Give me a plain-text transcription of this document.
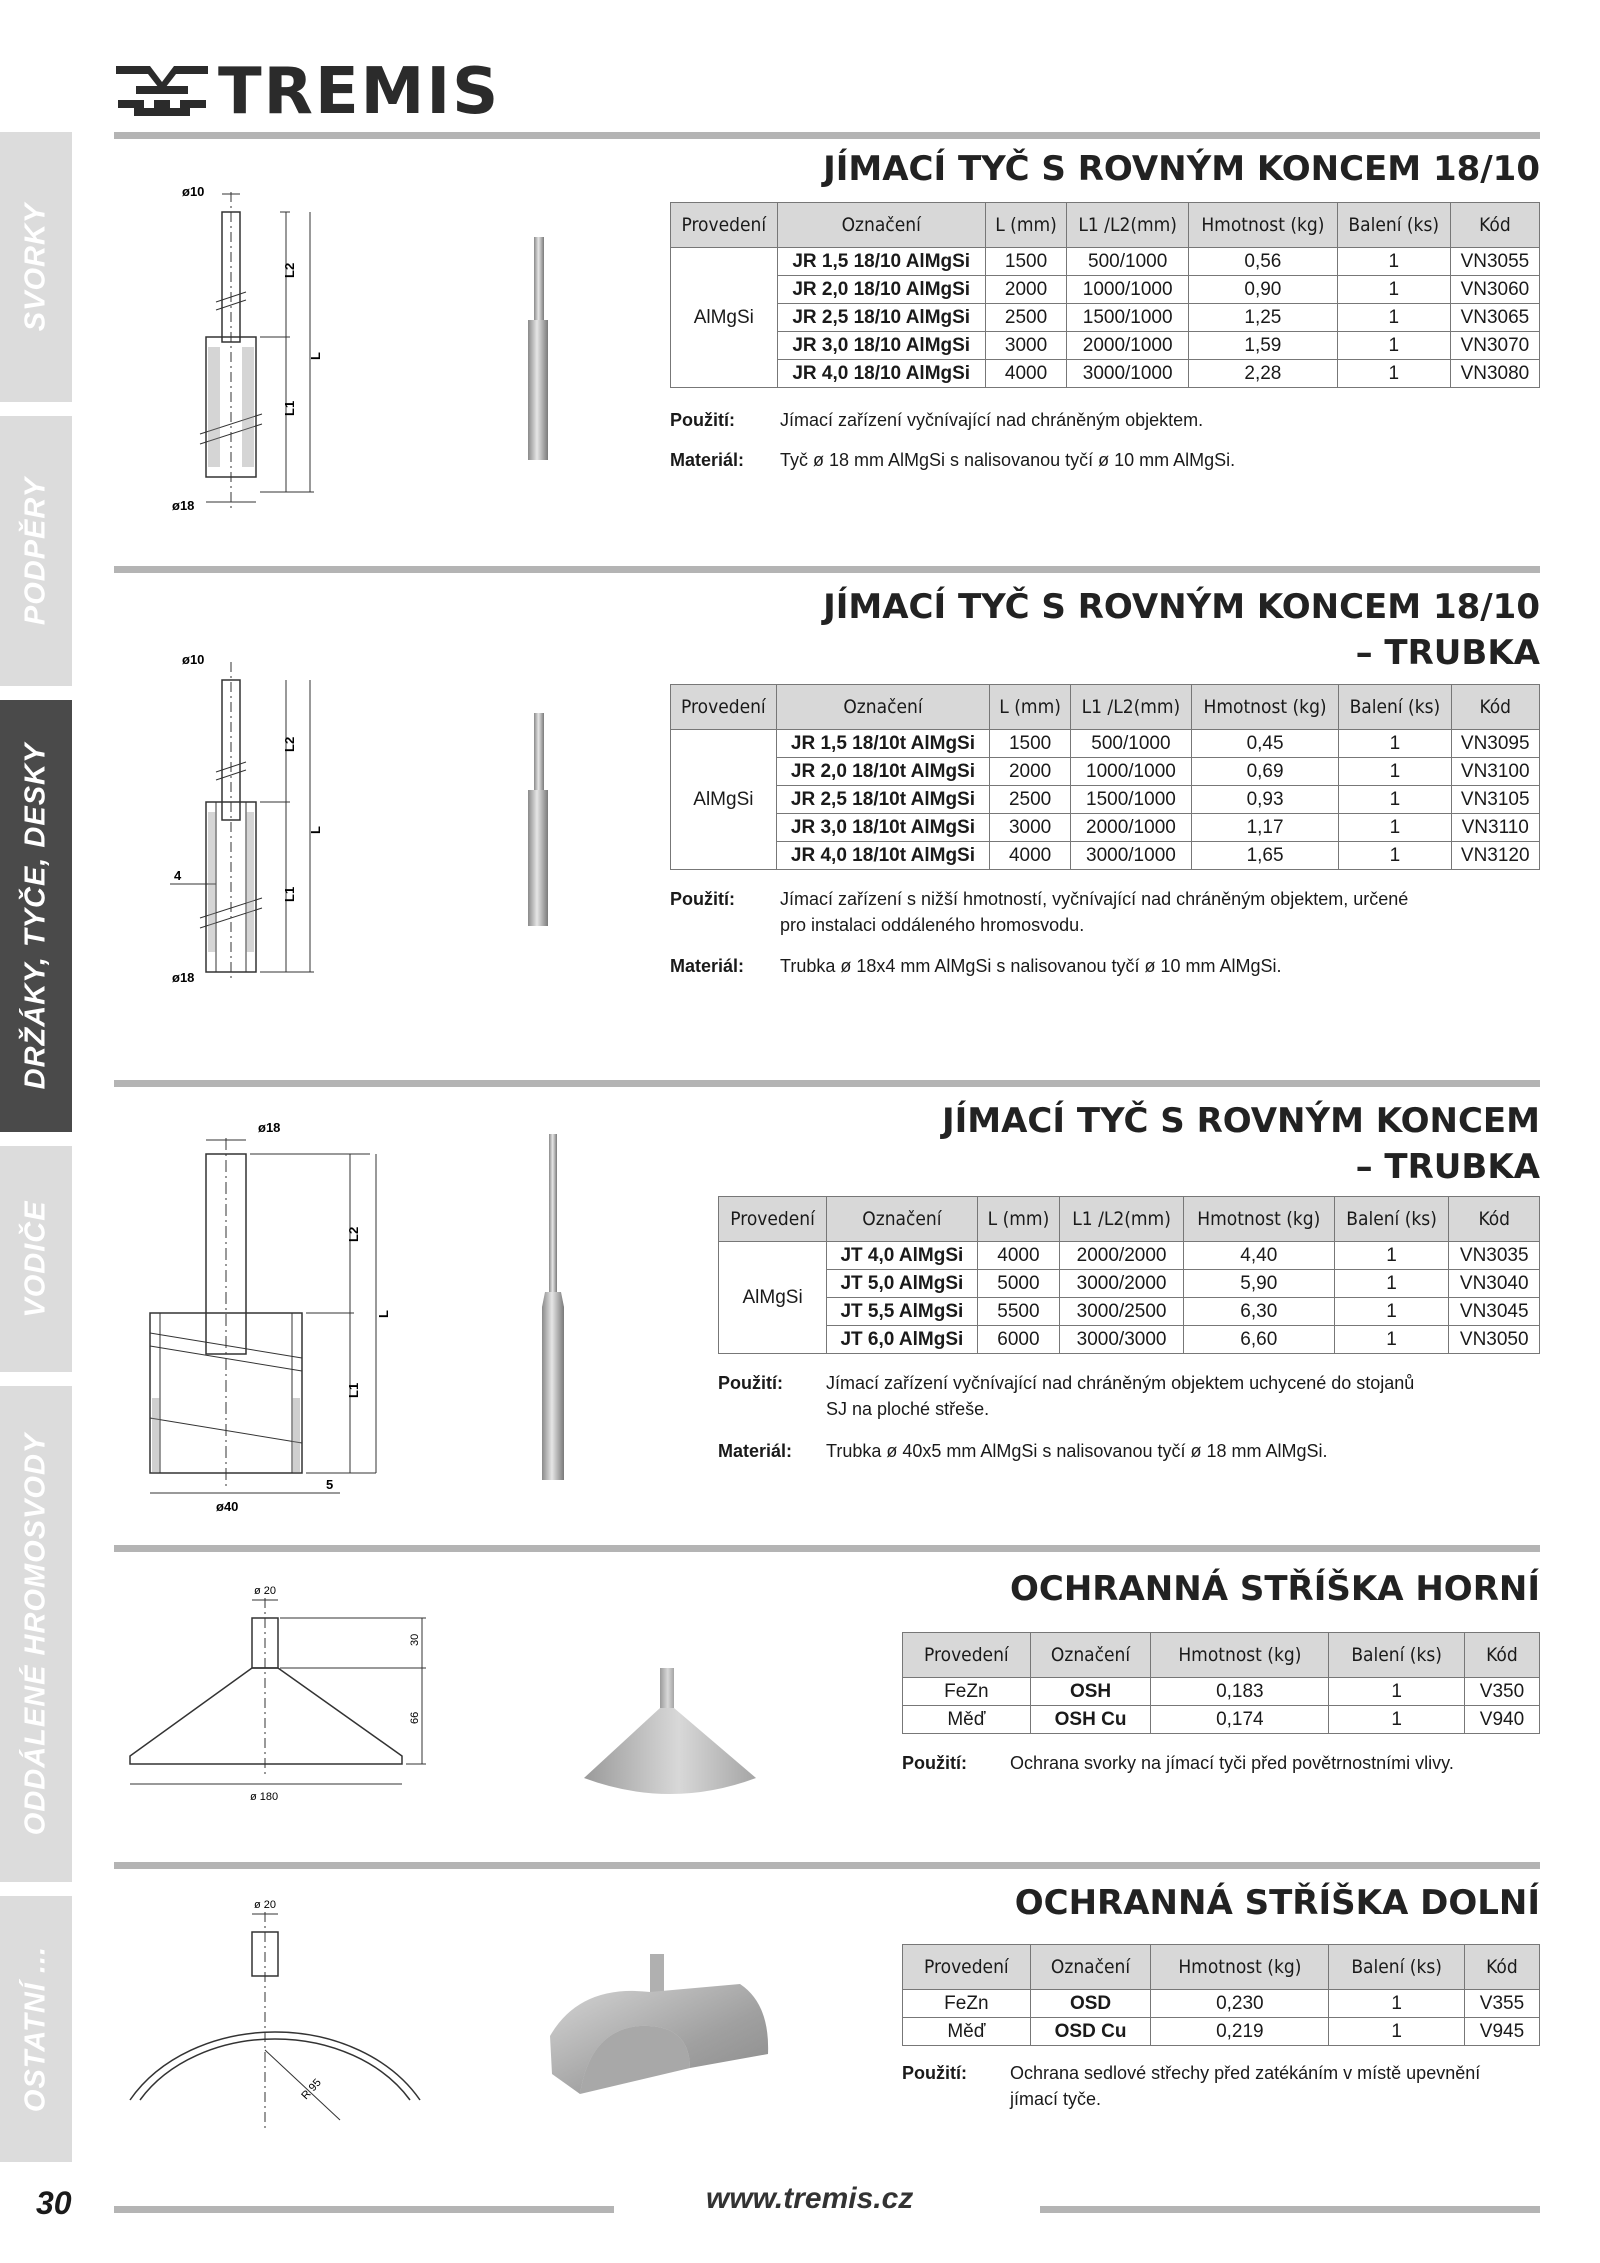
TREMIS
SVORKY
PODPĚRY
DRŽÁKY, TYČE, DESKY
VODIČE
ODDÁLENÉ HROMOSVODY
OSTATNÍ ...
JÍMACÍ TYČ S ROVNÝM KONCEM 18/10
ø10
L2
L
L1
ø18
Provedení	Označení	L (mm)	L1 /L2(mm)	Hmotnost (kg)	Balení (ks)	Kód
AlMgSi	JR 1,5 18/10 AlMgSi	1500	500/1000	0,56	1	VN3055
	JR 2,0 18/10 AlMgSi	2000	1000/1000	0,90	1	VN3060
	JR 2,5 18/10 AlMgSi	2500	1500/1000	1,25	1	VN3065
	JR 3,0 18/10 AlMgSi	3000	2000/1000	1,59	1	VN3070
	JR 4,0 18/10 AlMgSi	4000	3000/1000	2,28	1	VN3080
Použití:	Jímací zařízení vyčnívající nad chráněným objektem.
Materiál: Tyč ø 18 mm AlMgSi s nalisovanou tyčí ø 10 mm AlMgSi.
JÍMACÍ TYČ S ROVNÝM KONCEM 18/10
– TRUBKA
ø10
L2
L
4
L1
ø18
Provedení	Označení	L (mm)	L1 /L2(mm)	Hmotnost (kg)	Balení (ks)	Kód
AlMgSi	JR 1,5 18/10t AlMgSi	1500	500/1000	0,45	1	VN3095
	JR 2,0 18/10t AlMgSi	2000	1000/1000	0,69	1	VN3100
	JR 2,5 18/10t AlMgSi	2500	1500/1000	0,93	1	VN3105
	JR 3,0 18/10t AlMgSi	3000	2000/1000	1,17	1	VN3110
	JR 4,0 18/10t AlMgSi	4000	3000/1000	1,65	1	VN3120
Použití:	Jímací zařízení s nižší hmotností, vyčnívající nad chráněným objektem, určené
pro instalaci oddáleného hromosvodu.
Materiál: Trubka ø 18x4 mm AlMgSi s nalisovanou tyčí ø 10 mm AlMgSi.
JÍMACÍ TYČ S ROVNÝM KONCEM
– TRUBKA
ø18
L2
L
L1
ø40
5
Provedení	Označení	L (mm)	L1 /L2(mm)	Hmotnost (kg)	Balení (ks)	Kód
AlMgSi	JT 4,0 AlMgSi	4000	2000/2000	4,40	1	VN3035
	JT 5,0 AlMgSi	5000	3000/2000	5,90	1	VN3040
	JT 5,5 AlMgSi	5500	3000/2500	6,30	1	VN3045
	JT 6,0 AlMgSi	6000	3000/3000	6,60	1	VN3050
Použití: Jímací zařízení vyčnívající nad chráněným objektem uchycené do stojanů
SJ na ploché střeše.
Materiál: Trubka ø 40x5 mm AlMgSi s nalisovanou tyčí ø 18 mm AlMgSi.
OCHRANNÁ STŘÍŠKA HORNÍ
ø 20
30
66
ø 180
Provedení	Označení	Hmotnost (kg)	Balení (ks)	Kód
FeZn	OSH	0,183	1	V350
Měď	OSH Cu	0,174	1	V940
Použití: Ochrana svorky na jímací tyči před povětrnostními vlivy.
OCHRANNÁ STŘÍŠKA DOLNÍ
ø 20
R 95
Provedení	Označení	Hmotnost (kg)	Balení (ks)	Kód
FeZn	OSD	0,230	1	V355
Měď	OSD Cu	0,219	1	V945
Použití: Ochrana sedlové střechy před zatékáním v místě upevnění
jímací tyče.
30	www.tremis.cz
